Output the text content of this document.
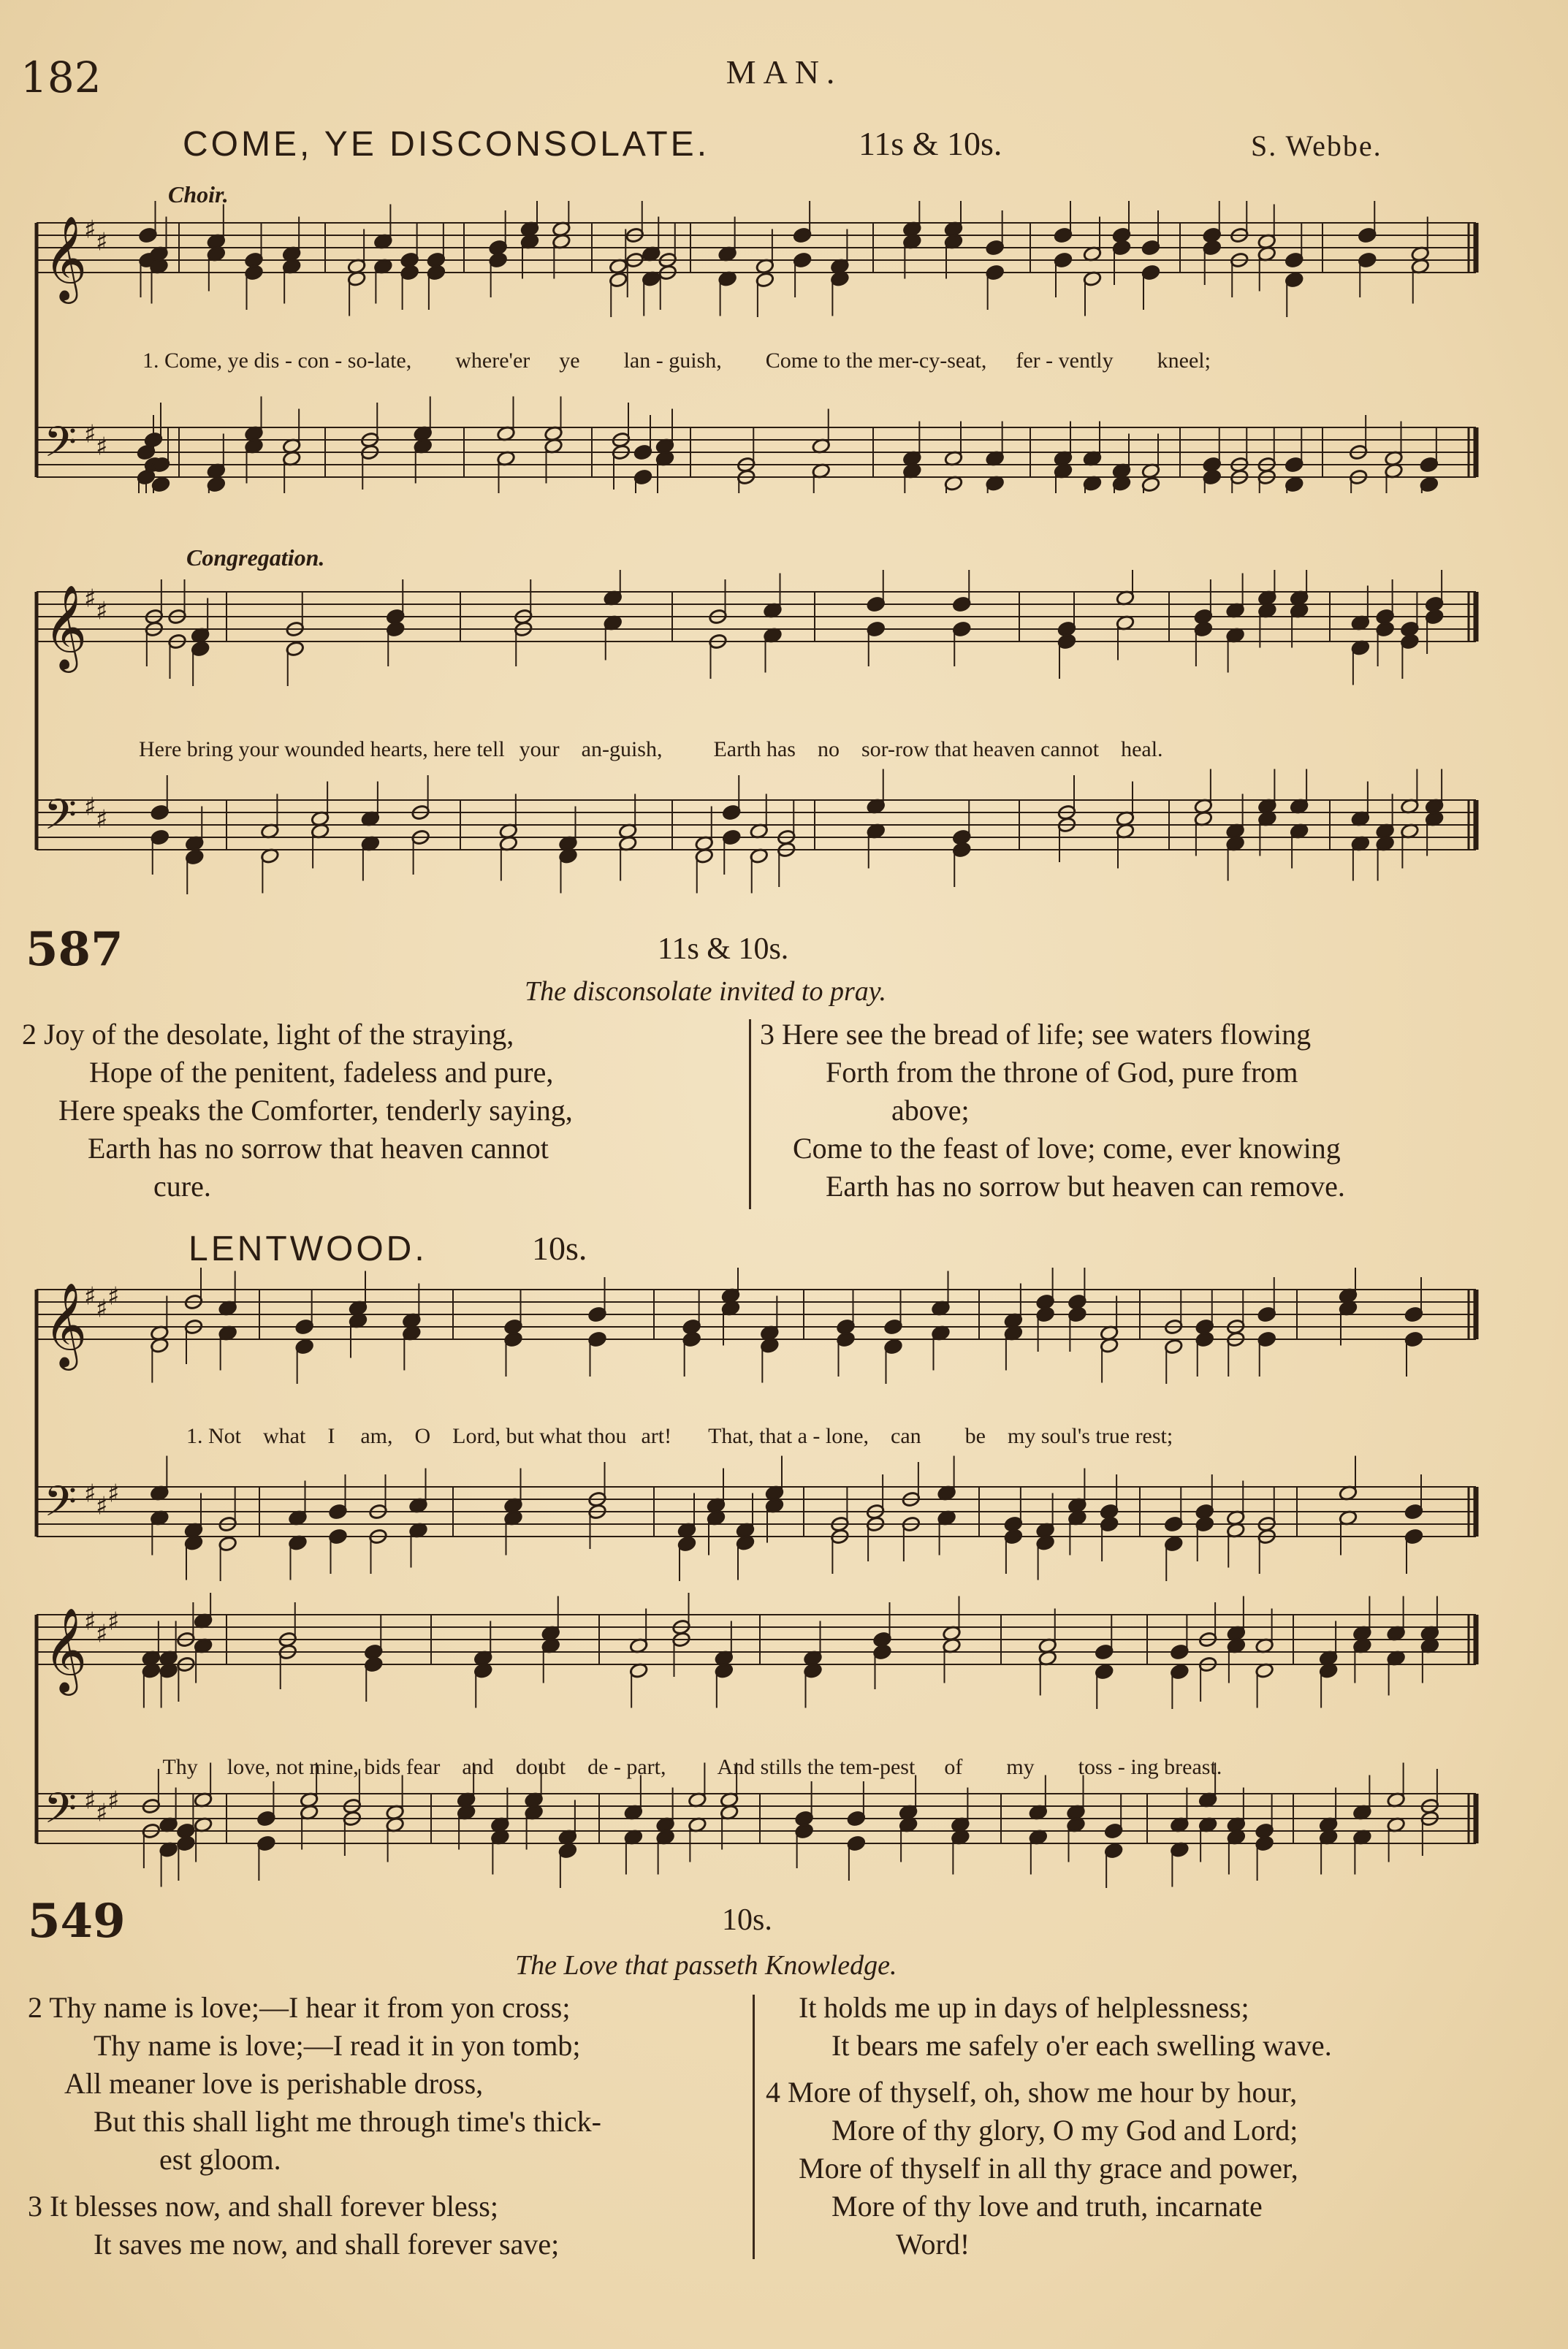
182	MAN.
COME, YE DISCONSOLATE.	11s & 10s.	S. Webbe.
Choir.
𝄞
♯ ♯
𝄢 ♯ ♯

1. Come, ye dis - con - so-late, where'er ye lan - guish, Come to the mer-cy-seat, fer - vently kneel;

Congregation.
𝄞
♯ ♯
𝄢 ♯ ♯

Here bring your wounded hearts, here tell your an-guish, Earth has no sor-row that heaven cannot heal.

587	11s & 10s.
The disconsolate invited to pray.
2 Joy of the desolate, light of the straying,
Hope of the penitent, fadeless and pure,
Here speaks the Comforter, tenderly saying,
Earth has no sorrow that heaven cannot
cure.
3 Here see the bread of life; see waters flowing
Forth from the throne of God, pure from
above;
Come to the feast of love; come, ever knowing
Earth has no sorrow but heaven can remove.
LENTWOOD.	10s.
𝄞
♯ ♯ ♯
𝄢 ♯ ♯ ♯

1. Not what I am, O Lord, but what thou art! That, that a - lone, can be my soul's true rest;

𝄞
♯ ♯ ♯
𝄢 ♯ ♯ ♯

Thy love, not mine, bids fear and doubt de - part, And stills the tem-pest of my toss - ing breast.

549	10s.
The Love that passeth Knowledge.
2 Thy name is love;—I hear it from yon cross;
Thy name is love;—I read it in yon tomb;
All meaner love is perishable dross,
But this shall light me through time's thick-
est gloom.
3 It blesses now, and shall forever bless;
It saves me now, and shall forever save;
It holds me up in days of helplessness;
It bears me safely o'er each swelling wave.
4 More of thyself, oh, show me hour by hour,
More of thy glory, O my God and Lord;
More of thyself in all thy grace and power,
More of thy love and truth, incarnate
Word!
